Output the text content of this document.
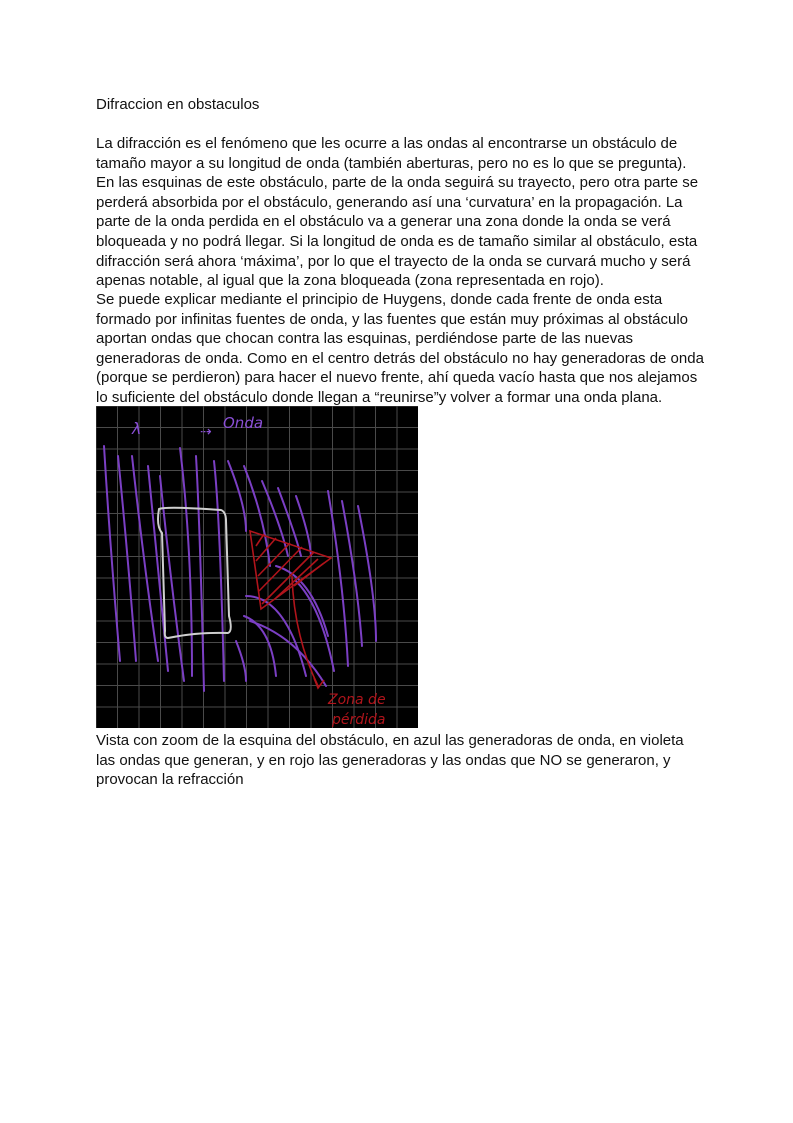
Difraccion en obstaculos

La difracción es el fenómeno que les ocurre a las ondas al encontrarse un obstáculo de tamaño mayor a su longitud de onda (también aberturas, pero no es lo que se pregunta). En las esquinas de este obstáculo, parte de la onda seguirá su trayecto, pero otra parte se perderá absorbida por el obstáculo, generando así una ‘curvatura’ en la propagación. La parte de la onda perdida en el obstáculo va a generar una zona donde la onda se verá bloqueada y no podrá llegar. Si la longitud de onda es de tamaño similar al obstáculo, esta difracción será ahora ‘máxima’, por lo que el trayecto de la onda se curvará mucho y será apenas notable, al igual que la zona bloqueada (zona representada en rojo).

Se puede explicar mediante el principio de Huygens, donde cada frente de onda esta formado por infinitas fuentes de onda, y las fuentes que están muy próximas al obstáculo aportan ondas que chocan contra las esquinas, perdiéndose parte de las nuevas generadoras de onda. Como en el centro detrás del obstáculo no hay generadoras de onda (porque se perdieron) para hacer el nuevo frente, ahí queda vacío hasta que nos alejamos lo suficiente del obstáculo donde llegan a “reunirse”y volver a formar una onda plana.

λ	⇢ Onda
Zona de
pérdida

Vista con zoom de la esquina del obstáculo, en azul las generadoras de onda, en violeta las ondas que generan, y en rojo las generadoras y las ondas que NO se generaron, y provocan la refracción
